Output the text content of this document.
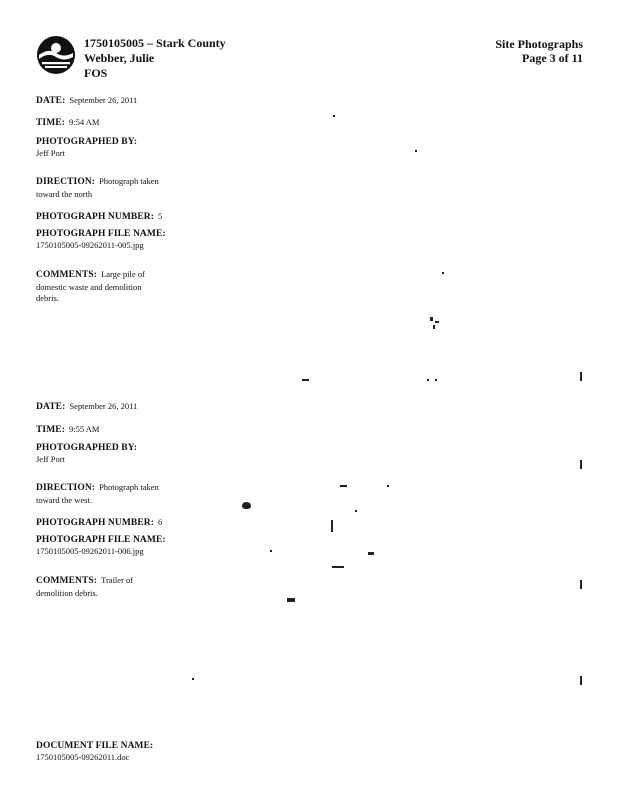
1750105005 – Stark County
Webber, Julie
FOS
Site Photographs
Page 3 of 11
DATE: September 26, 2011
TIME: 9:54 AM
PHOTOGRAPHED BY:
Jeff Port
DIRECTION: Photograph taken
toward the north
PHOTOGRAPH NUMBER: 5
PHOTOGRAPH FILE NAME:
1750105005-09262011-005.jpg
COMMENTS: Large pile of
domestic waste and demolition
debris.
DATE: September 26, 2011
TIME: 9:55 AM
PHOTOGRAPHED BY:
Jeff Port
DIRECTION: Photograph taken
toward the west.
PHOTOGRAPH NUMBER: 6
PHOTOGRAPH FILE NAME:
1750105005-09262011-006.jpg
COMMENTS: Trailer of
demolition debris.
DOCUMENT FILE NAME:
1750105005-09262011.doc
